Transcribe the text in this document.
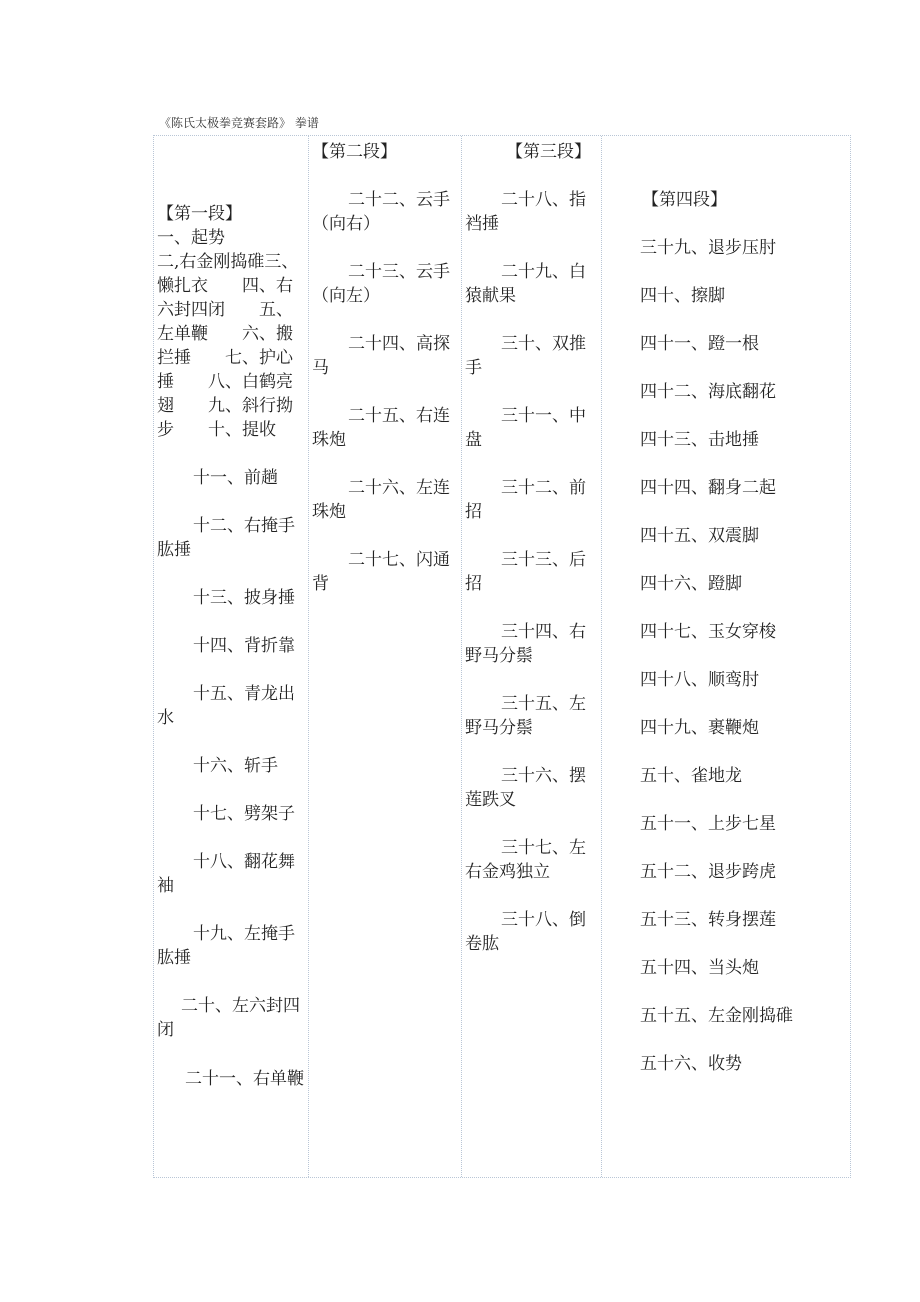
《陈氏太极拳竞赛套路》 拳谱

【第一段】

一、起势

二,右金刚捣碓三、懒扎衣　　四、右六封四闭　　五、左单鞭　　六、搬拦捶　　七、护心捶　　八、白鹤亮翅　　九、斜行拗步　　十、提收

十一、前趟

十二、右掩手肱捶

十三、披身捶

十四、背折靠

十五、青龙出水

十六、斩手

十七、劈架子

十八、翻花舞袖

十九、左掩手肱捶

二十、左六封四闭

二十一、右单鞭

【第二段】

二十二、云手（向右）

二十三、云手（向左）

二十四、高探马

二十五、右连珠炮

二十六、左连珠炮

二十七、闪通背

【第三段】

二十八、指裆捶

二十九、白猿献果

三十、双推手

三十一、中盘

三十二、前招

三十三、后招

三十四、右野马分鬃

三十五、左野马分鬃

三十六、摆莲跌叉

三十七、左右金鸡独立

三十八、倒卷肱

【第四段】

三十九、退步压肘

四十、擦脚

四十一、蹬一根

四十二、海底翻花

四十三、击地捶

四十四、翻身二起

四十五、双震脚

四十六、蹬脚

四十七、玉女穿梭

四十八、顺鸾肘

四十九、裹鞭炮

五十、雀地龙

五十一、上步七星

五十二、退步跨虎

五十三、转身摆莲

五十四、当头炮

五十五、左金刚捣碓

五十六、收势
